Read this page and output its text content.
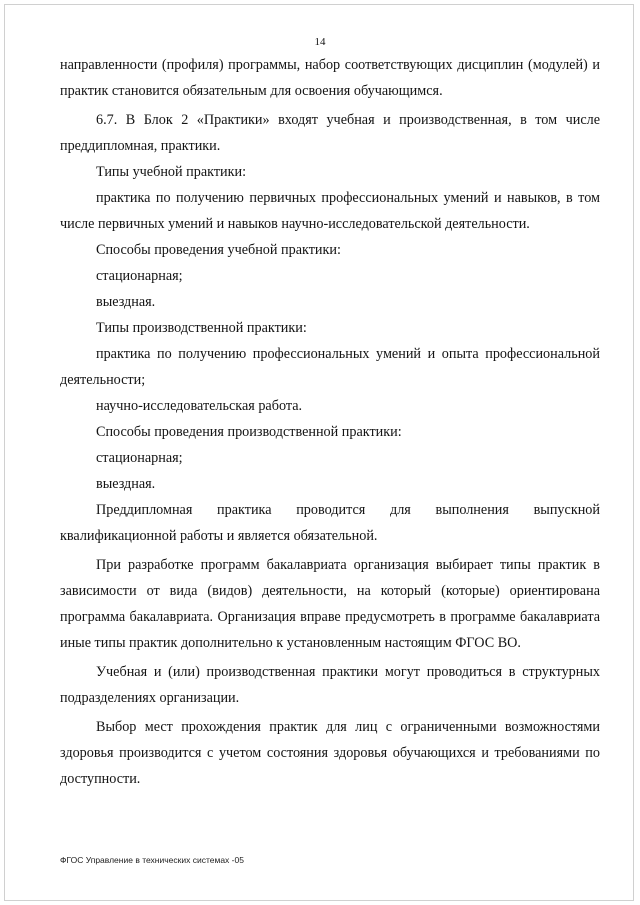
14

направленности (профиля) программы, набор соответствующих дисциплин (модулей) и практик становится обязательным для освоения обучающимся.

6.7. В Блок 2 «Практики» входят учебная и производственная, в том числе преддипломная, практики.

Типы учебной практики:

практика по получению первичных профессиональных умений и навыков, в том числе первичных умений и навыков научно-исследовательской деятельности.

Способы проведения учебной практики:

стационарная;

выездная.

Типы производственной практики:

практика по получению профессиональных умений и опыта профессиональной деятельности;

научно-исследовательская работа.

Способы проведения производственной практики:

стационарная;

выездная.

Преддипломная практика проводится для выполнения выпускной квалификационной работы и является обязательной.

При разработке программ бакалавриата организация выбирает типы практик в зависимости от вида (видов) деятельности, на который (которые) ориентирована программа бакалавриата. Организация вправе предусмотреть в программе бакалавриата иные типы практик дополнительно к установленным настоящим ФГОС ВО.

Учебная и (или) производственная практики могут проводиться в структурных подразделениях организации.

Выбор мест прохождения практик для лиц с ограниченными возможностями здоровья производится с учетом состояния здоровья обучающихся и требованиями по доступности.

ФГОС Управление в технических системах -05
